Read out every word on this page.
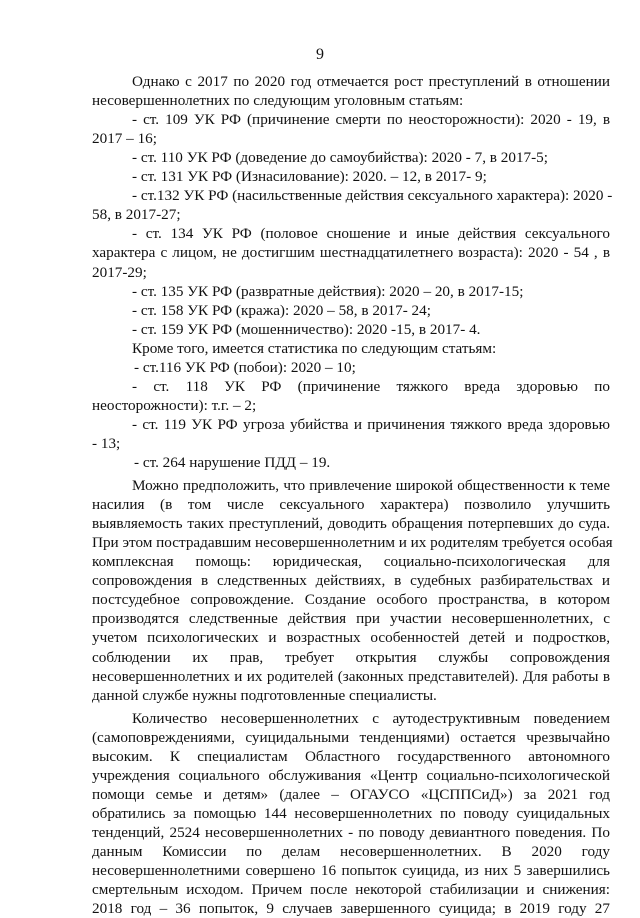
9
Однако с 2017 по 2020 год отмечается рост преступлений в отношении
несовершеннолетних по следующим уголовным статьям:
- ст. 109 УК РФ (причинение смерти по неосторожности): 2020 - 19, в
2017 – 16;
- ст. 110 УК РФ (доведение до самоубийства): 2020 - 7, в 2017-5;
- ст. 131 УК РФ (Изнасилование): 2020. – 12, в 2017- 9;
- ст.132 УК РФ (насильственные действия сексуального характера): 2020 -
58, в 2017-27;
- ст. 134 УК РФ (половое сношение и иные действия сексуального
характера с лицом, не достигшим шестнадцатилетнего возраста): 2020 - 54 , в
2017-29;
- ст. 135 УК РФ (развратные действия): 2020 – 20, в 2017-15;
- ст. 158 УК РФ (кража): 2020 – 58, в 2017- 24;
- ст. 159 УК РФ (мошенничество): 2020 -15, в 2017- 4.
Кроме того, имеется статистика по следующим статьям:
- ст.116 УК РФ (побои): 2020 – 10;
- ст. 118 УК РФ (причинение тяжкого вреда здоровью по
неосторожности): т.г. – 2;
- ст. 119 УК РФ угроза убийства и причинения тяжкого вреда здоровью
- 13;
- ст. 264 нарушение ПДД – 19.
Можно предположить, что привлечение широкой общественности к теме
насилия (в том числе сексуального характера) позволило улучшить
выявляемость таких преступлений, доводить обращения потерпевших до суда.
При этом пострадавшим несовершеннолетним и их родителям требуется особая
комплексная помощь: юридическая, социально-психологическая для
сопровождения в следственных действиях, в судебных разбирательствах и
постсудебное сопровождение. Создание особого пространства, в котором
производятся следственные действия при участии несовершеннолетних, с
учетом психологических и возрастных особенностей детей и подростков,
соблюдении их прав, требует открытия службы сопровождения
несовершеннолетних и их родителей (законных представителей). Для работы в
данной службе нужны подготовленные специалисты.
Количество несовершеннолетних с аутодеструктивным поведением
(самоповреждениями, суицидальными тенденциями) остается чрезвычайно
высоким. К специалистам Областного государственного автономного
учреждения социального обслуживания «Центр социально-психологической
помощи семье и детям» (далее – ОГАУСО «ЦСППСиД») за 2021 год
обратились за помощью 144 несовершеннолетних по поводу суицидальных
тенденций, 2524 несовершеннолетних - по поводу девиантного поведения. По
данным Комиссии по делам несовершеннолетних. В 2020 году
несовершеннолетними совершено 16 попыток суицида, из них 5 завершились
смертельным исходом. Причем после некоторой стабилизации и снижения:
2018 год – 36 попыток, 9 случаев завершенного суицида; в 2019 году 27
